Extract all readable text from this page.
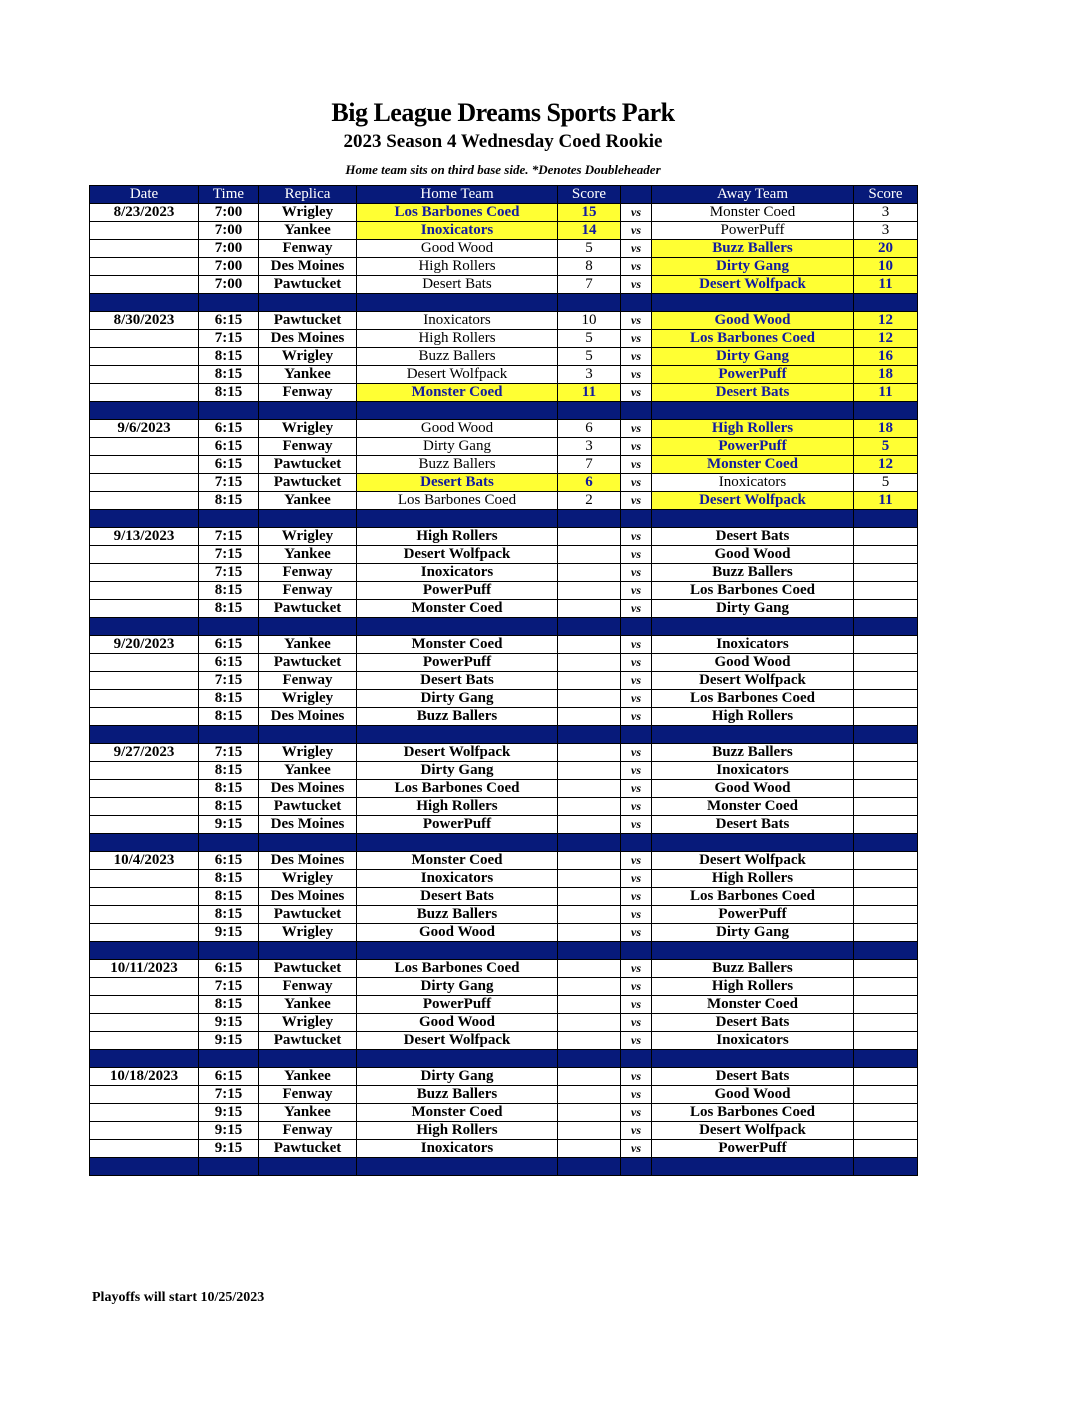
Big League Dreams Sports Park
2023 Season 4 Wednesday Coed Rookie
Home team sits on third base side. *Denotes Doubleheader
Date	Time	Replica	Home Team	Score		Away Team	Score
8/23/2023	7:00	Wrigley	Los Barbones Coed	15	vs	Monster Coed	3
	7:00	Yankee	Inoxicators	14	vs	PowerPuff	3
	7:00	Fenway	Good Wood	5	vs	Buzz Ballers	20
	7:00	Des Moines	High Rollers	8	vs	Dirty Gang	10
	7:00	Pawtucket	Desert Bats	7	vs	Desert Wolfpack	11

8/30/2023	6:15	Pawtucket	Inoxicators	10	vs	Good Wood	12
	7:15	Des Moines	High Rollers	5	vs	Los Barbones Coed	12
	8:15	Wrigley	Buzz Ballers	5	vs	Dirty Gang	16
	8:15	Yankee	Desert Wolfpack	3	vs	PowerPuff	18
	8:15	Fenway	Monster Coed	11	vs	Desert Bats	11

9/6/2023	6:15	Wrigley	Good Wood	6	vs	High Rollers	18
	6:15	Fenway	Dirty Gang	3	vs	PowerPuff	5
	6:15	Pawtucket	Buzz Ballers	7	vs	Monster Coed	12
	7:15	Pawtucket	Desert Bats	6	vs	Inoxicators	5
	8:15	Yankee	Los Barbones Coed	2	vs	Desert Wolfpack	11

9/13/2023	7:15	Wrigley	High Rollers		vs	Desert Bats	
	7:15	Yankee	Desert Wolfpack		vs	Good Wood	
	7:15	Fenway	Inoxicators		vs	Buzz Ballers	
	8:15	Fenway	PowerPuff		vs	Los Barbones Coed	
	8:15	Pawtucket	Monster Coed		vs	Dirty Gang	

9/20/2023	6:15	Yankee	Monster Coed		vs	Inoxicators	
	6:15	Pawtucket	PowerPuff		vs	Good Wood	
	7:15	Fenway	Desert Bats		vs	Desert Wolfpack	
	8:15	Wrigley	Dirty Gang		vs	Los Barbones Coed	
	8:15	Des Moines	Buzz Ballers		vs	High Rollers	

9/27/2023	7:15	Wrigley	Desert Wolfpack		vs	Buzz Ballers	
	8:15	Yankee	Dirty Gang		vs	Inoxicators	
	8:15	Des Moines	Los Barbones Coed		vs	Good Wood	
	8:15	Pawtucket	High Rollers		vs	Monster Coed	
	9:15	Des Moines	PowerPuff		vs	Desert Bats	

10/4/2023	6:15	Des Moines	Monster Coed		vs	Desert Wolfpack	
	8:15	Wrigley	Inoxicators		vs	High Rollers	
	8:15	Des Moines	Desert Bats		vs	Los Barbones Coed	
	8:15	Pawtucket	Buzz Ballers		vs	PowerPuff	
	9:15	Wrigley	Good Wood		vs	Dirty Gang	

10/11/2023	6:15	Pawtucket	Los Barbones Coed		vs	Buzz Ballers	
	7:15	Fenway	Dirty Gang		vs	High Rollers	
	8:15	Yankee	PowerPuff		vs	Monster Coed	
	9:15	Wrigley	Good Wood		vs	Desert Bats	
	9:15	Pawtucket	Desert Wolfpack		vs	Inoxicators	

10/18/2023	6:15	Yankee	Dirty Gang		vs	Desert Bats	
	7:15	Fenway	Buzz Ballers		vs	Good Wood	
	9:15	Yankee	Monster Coed		vs	Los Barbones Coed	
	9:15	Fenway	High Rollers		vs	Desert Wolfpack	
	9:15	Pawtucket	Inoxicators		vs	PowerPuff	

Playoffs will start 10/25/2023
